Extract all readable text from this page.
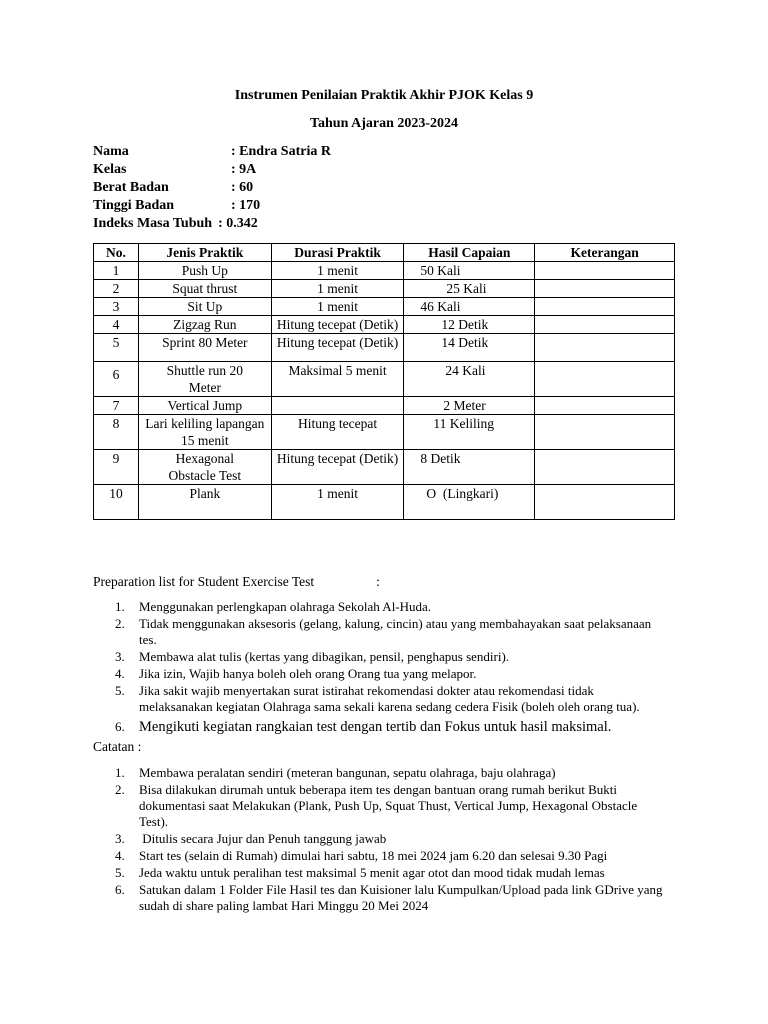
Instrumen Penilaian Praktik Akhir PJOK Kelas 9
Tahun Ajaran 2023-2024
Nama	: Endra Satria R
Kelas	: 9A
Berat Badan	: 60
Tinggi Badan	: 170
Indeks Masa Tubuh : 0.342
No.	Jenis Praktik	Durasi Praktik	Hasil Capaian	Keterangan
1	Push Up	1 menit	50 Kali	
2	Squat thrust	1 menit	25 Kali	
3	Sit Up	1 menit	46 Kali	
4	Zigzag Run	Hitung tecepat (Detik)	12 Detik	
5	Sprint 80 Meter	Hitung tecepat (Detik)	14 Detik	
6	Shuttle run 20 Meter	Maksimal 5 menit	24 Kali	
7	Vertical Jump		2 Meter	
8	Lari keliling lapangan 15 menit	Hitung tecepat	11 Keliling	
9	Hexagonal Obstacle Test	Hitung tecepat (Detik)	8 Detik	
10	Plank	1 menit	O  (Lingkari)	
Preparation list for Student Exercise Test	:
1. Menggunakan perlengkapan olahraga Sekolah Al-Huda.
2. Tidak menggunakan aksesoris (gelang, kalung, cincin) atau yang membahayakan saat pelaksanaan tes.
3. Membawa alat tulis (kertas yang dibagikan, pensil, penghapus sendiri).
4. Jika izin, Wajib hanya boleh oleh orang Orang tua yang melapor.
5. Jika sakit wajib menyertakan surat istirahat rekomendasi dokter atau rekomendasi tidak melaksanakan kegiatan Olahraga sama sekali karena sedang cedera Fisik (boleh oleh orang tua).
6. Mengikuti kegiatan rangkaian test dengan tertib dan Fokus untuk hasil maksimal.
Catatan :
1. Membawa peralatan sendiri (meteran bangunan, sepatu olahraga, baju olahraga)
2. Bisa dilakukan dirumah untuk beberapa item tes dengan bantuan orang rumah berikut Bukti dokumentasi saat Melakukan (Plank, Push Up, Squat Thust, Vertical Jump, Hexagonal Obstacle Test).
3. Ditulis secara Jujur dan Penuh tanggung jawab
4. Start tes (selain di Rumah) dimulai hari sabtu, 18 mei 2024 jam 6.20 dan selesai 9.30 Pagi
5. Jeda waktu untuk peralihan test maksimal 5 menit agar otot dan mood tidak mudah lemas
6. Satukan dalam 1 Folder File Hasil tes dan Kuisioner lalu Kumpulkan/Upload pada link GDrive yang sudah di share paling lambat Hari Minggu 20 Mei 2024
